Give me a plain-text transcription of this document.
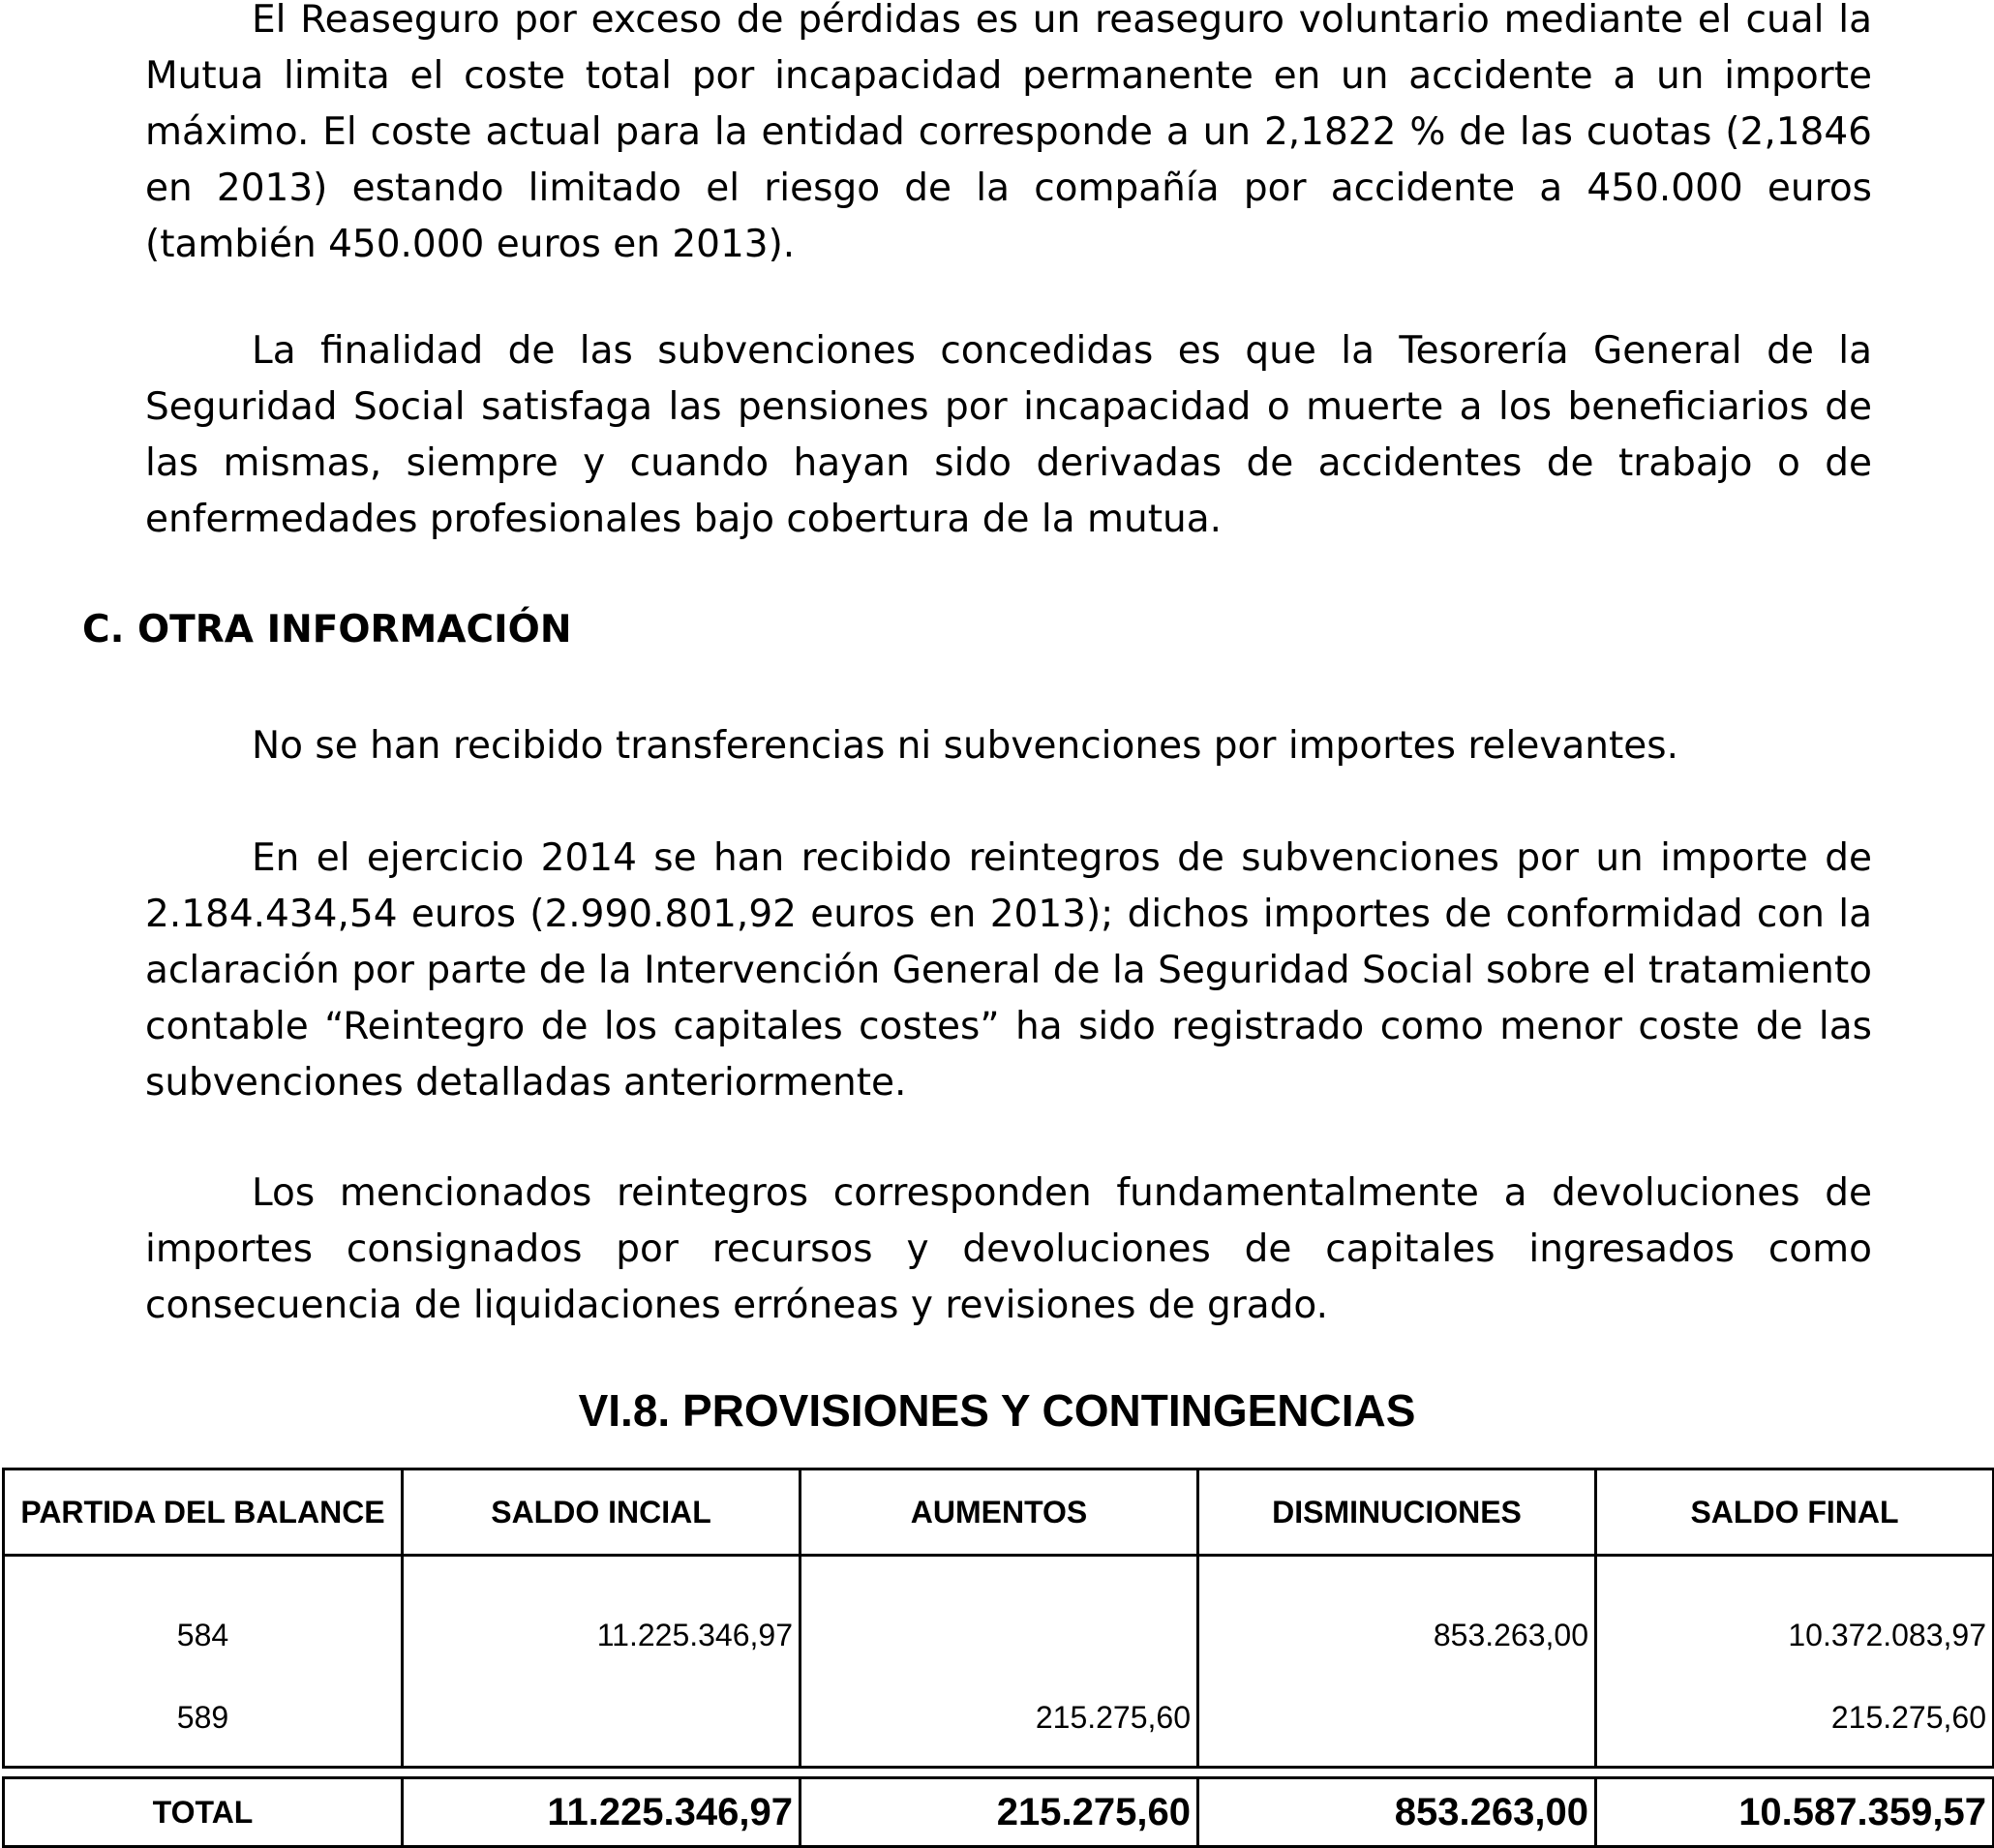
El Reaseguro por exceso de pérdidas es un reaseguro voluntario mediante el cual la Mutua limita el coste total por incapacidad permanente en un accidente a un importe máximo. El coste actual para la entidad corresponde a un 2,1822 % de las cuotas (2,1846 en 2013) estando limitado el riesgo de la compañía por accidente a 450.000 euros (también 450.000 euros en 2013).

La finalidad de las subvenciones concedidas es que la Tesorería General de la Seguridad Social satisfaga las pensiones por incapacidad o muerte a los beneficiarios de las mismas, siempre y cuando hayan sido derivadas de accidentes de trabajo o de enfermedades profesionales bajo cobertura de la mutua.

C. OTRA INFORMACIÓN

No se han recibido transferencias ni subvenciones por importes relevantes.

En el ejercicio 2014 se han recibido reintegros de subvenciones por un importe de 2.184.434,54 euros (2.990.801,92 euros en 2013); dichos importes de conformidad con la aclaración por parte de la Intervención General de la Seguridad Social sobre el tratamiento contable “Reintegro de los capitales costes” ha sido registrado como menor coste de las subvenciones detalladas anteriormente.

Los mencionados reintegros corresponden fundamentalmente a devoluciones de importes consignados por recursos y devoluciones de capitales ingresados como consecuencia de liquidaciones erróneas y revisiones de grado.

VI.8. PROVISIONES Y CONTINGENCIAS
PARTIDA DEL BALANCE	SALDO INCIAL	AUMENTOS	DISMINUCIONES	SALDO FINAL
584	11.225.346,97		853.263,00	10.372.083,97
589		215.275,60		215.275,60
TOTAL	11.225.346,97	215.275,60	853.263,00	10.587.359,57
